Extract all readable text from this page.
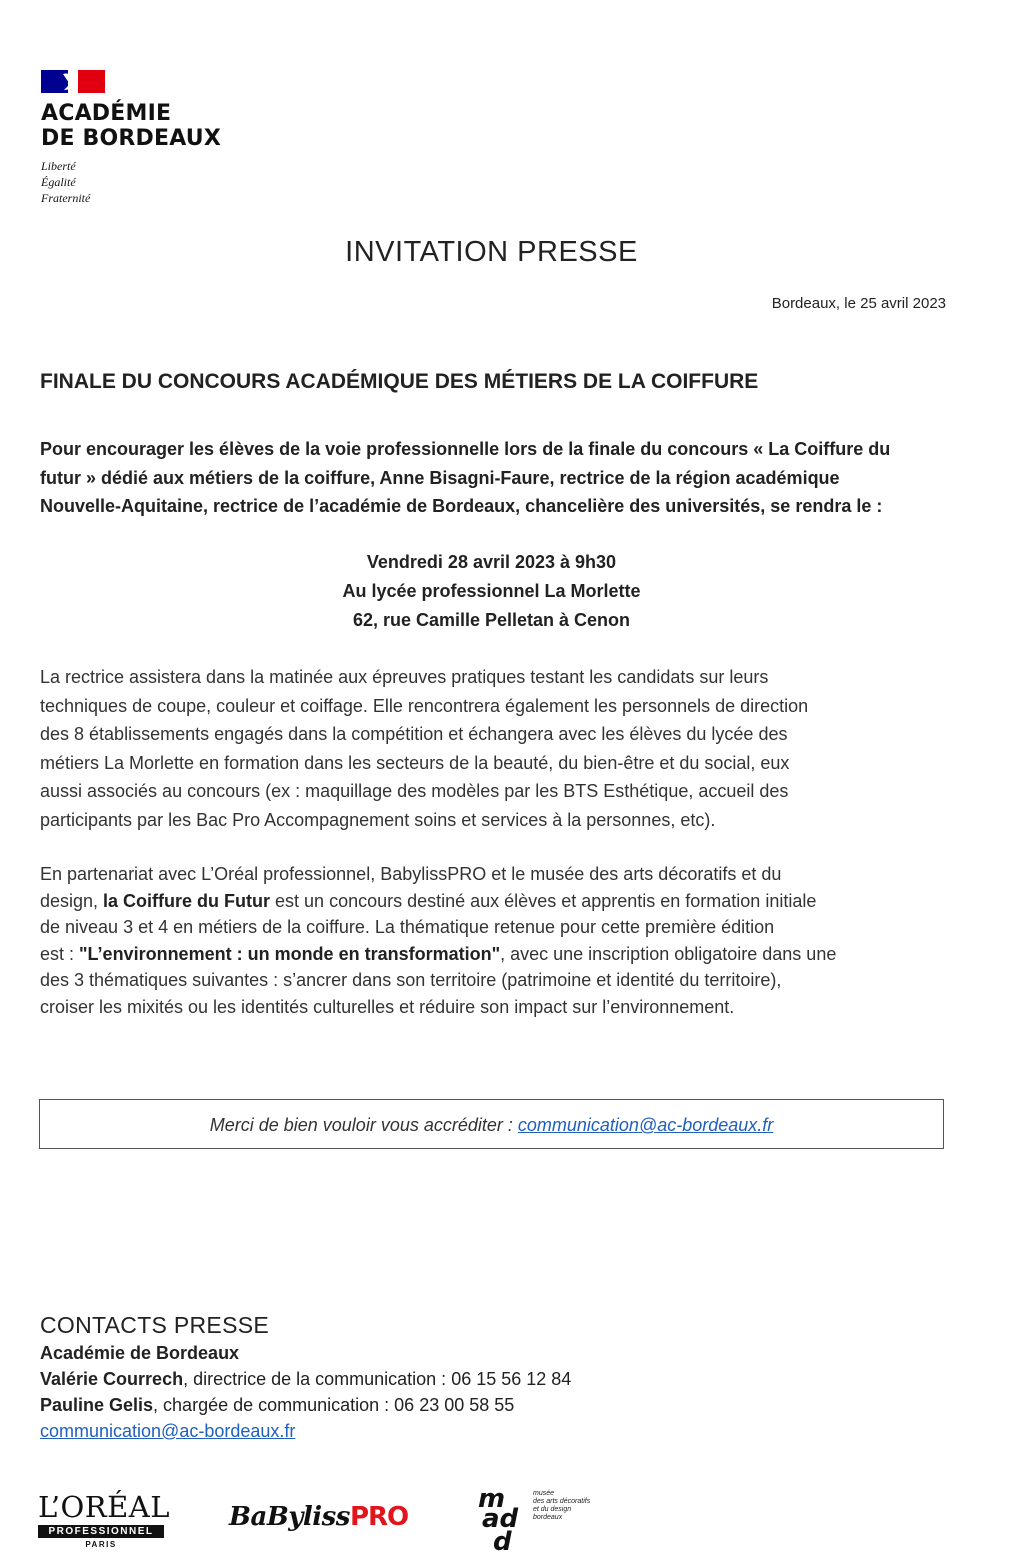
ACADÉMIE
DE BORDEAUX
Liberté
Égalité
Fraternité
INVITATION PRESSE
Bordeaux, le 25 avril 2023
FINALE DU CONCOURS ACADÉMIQUE DES MÉTIERS DE LA COIFFURE
Pour encourager les élèves de la voie professionnelle lors de la finale du concours « La Coiffure du
futur » dédié aux métiers de la coiffure, Anne Bisagni-Faure, rectrice de la région académique
Nouvelle-Aquitaine, rectrice de l’académie de Bordeaux, chancelière des universités, se rendra le :
Vendredi 28 avril 2023 à 9h30
Au lycée professionnel La Morlette
62, rue Camille Pelletan à Cenon
La rectrice assistera dans la matinée aux épreuves pratiques testant les candidats sur leurs
techniques de coupe, couleur et coiffage. Elle rencontrera également les personnels de direction
des 8 établissements engagés dans la compétition et échangera avec les élèves du lycée des
métiers La Morlette en formation dans les secteurs de la beauté, du bien-être et du social, eux
aussi associés au concours (ex : maquillage des modèles par les BTS Esthétique, accueil des
participants par les Bac Pro Accompagnement soins et services à la personnes, etc).
En partenariat avec L’Oréal professionnel, BabylissPRO et le musée des arts décoratifs et du
design, la Coiffure du Futur est un concours destiné aux élèves et apprentis en formation initiale
de niveau 3 et 4 en métiers de la coiffure. La thématique retenue pour cette première édition
est : "L’environnement : un monde en transformation", avec une inscription obligatoire dans une
des 3 thématiques suivantes : s’ancrer dans son territoire (patrimoine et identité du territoire),
croiser les mixités ou les identités culturelles et réduire son impact sur l’environnement.
Merci de bien vouloir vous accréditer : communication@ac-bordeaux.fr
CONTACTS PRESSE
Académie de Bordeaux
Valérie Courrech, directrice de la communication : 06 15 56 12 84
Pauline Gelis, chargée de communication : 06 23 00 58 55
communication@ac-bordeaux.fr
L’ORÉAL
PROFESSIONNEL
PARIS
BaBylissPRO
m
ad
d
musée
des arts décoratifs
et du design
bordeaux
